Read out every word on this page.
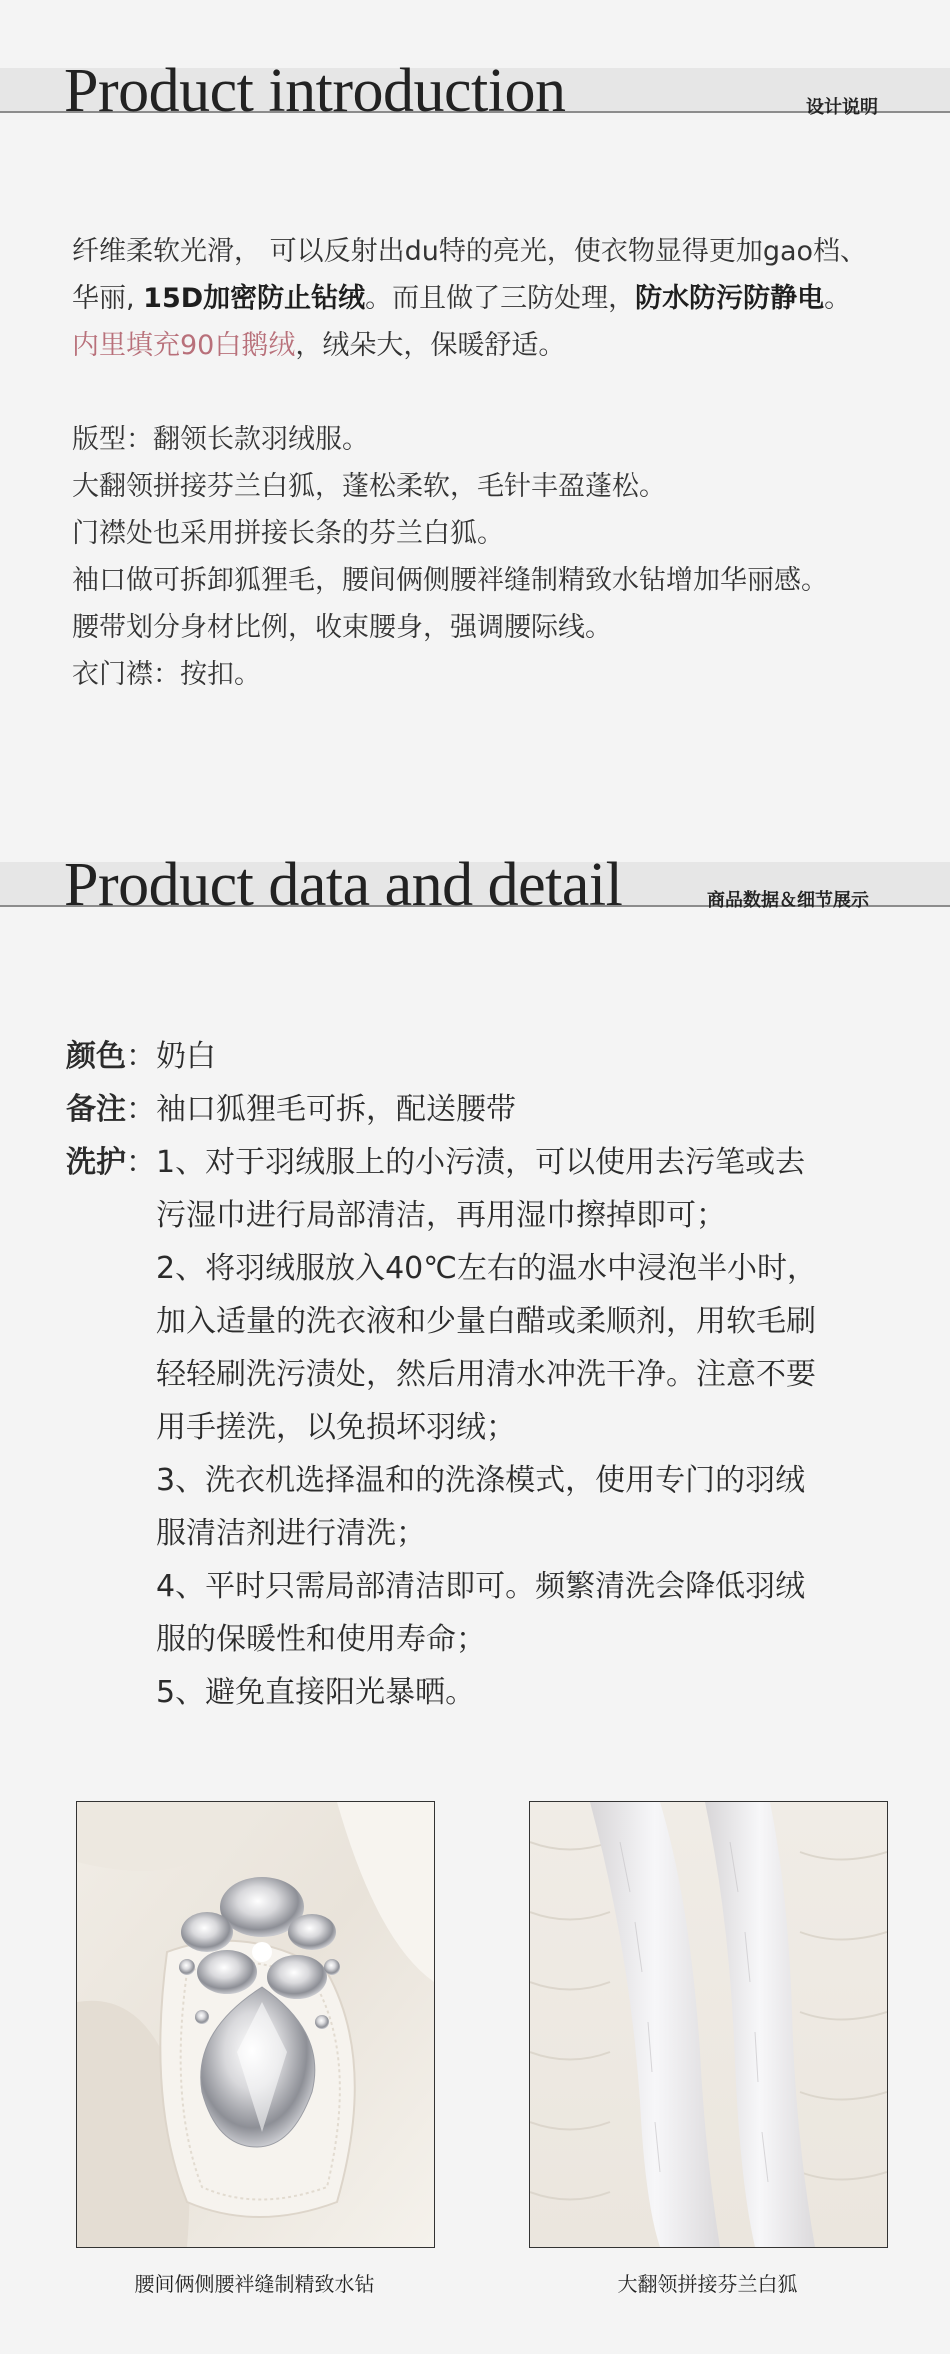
Product introduction	设计说明

纤维柔软光滑， 可以反射出du特的亮光，使衣物显得更加gao档、

华丽, 15D加密防止钻绒。而且做了三防处理，防水防污防静电。

内里填充90白鹅绒，绒朵大，保暖舒适。

版型：翻领长款羽绒服。

大翻领拼接芬兰白狐，蓬松柔软，毛针丰盈蓬松。

门襟处也采用拼接长条的芬兰白狐。

袖口做可拆卸狐狸毛，腰间俩侧腰袢缝制精致水钻增加华丽感。

腰带划分身材比例，收束腰身，强调腰际线。

衣门襟：按扣。

Product data and detail	商品数据＆细节展示
颜色： 奶白
备注： 袖口狐狸毛可拆，配送腰带
洗护： 1、对于羽绒服上的小污渍，可以使用去污笔或去
污湿巾进行局部清洁，再用湿巾擦掉即可；
2、将羽绒服放入40℃左右的温水中浸泡半小时，
加入适量的洗衣液和少量白醋或柔顺剂，用软毛刷
轻轻刷洗污渍处，然后用清水冲洗干净。注意不要
用手搓洗，以免损坏羽绒；
3、洗衣机选择温和的洗涤模式，使用专门的羽绒
服清洁剂进行清洗；
4、平时只需局部清洁即可。频繁清洗会降低羽绒
服的保暖性和使用寿命；
5、避免直接阳光暴晒。
腰间俩侧腰袢缝制精致水钻	大翻领拼接芬兰白狐
